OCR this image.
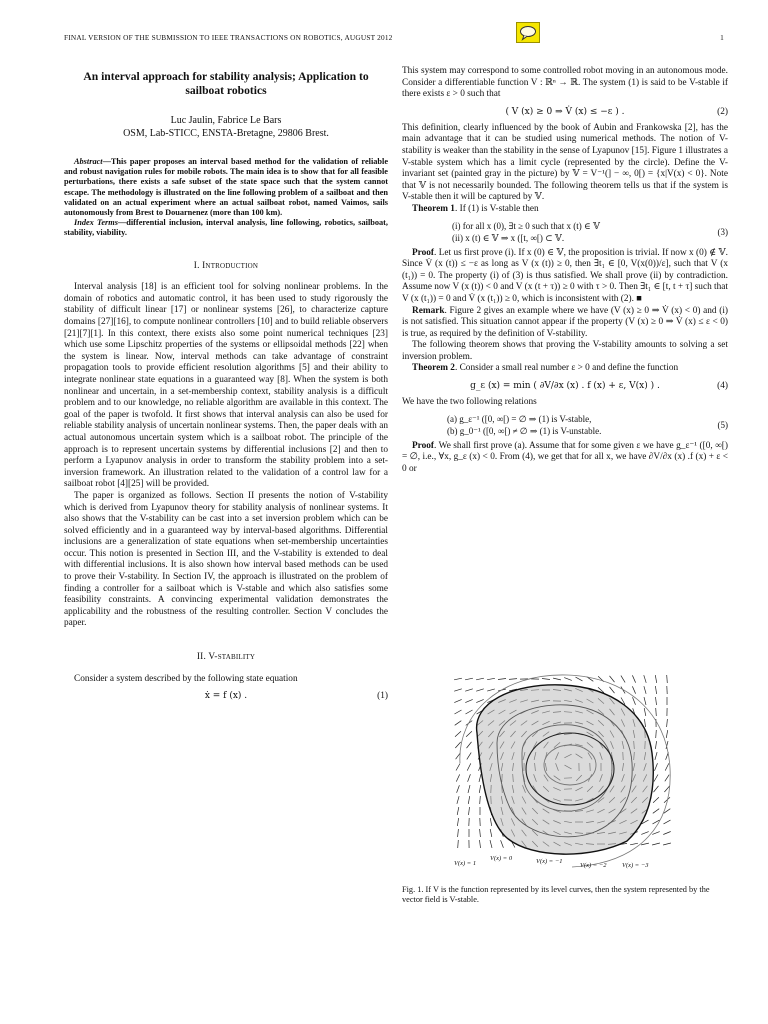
FINAL VERSION OF THE SUBMISSION TO IEEE TRANSACTIONS ON ROBOTICS, AUGUST 2012	1
An interval approach for stability analysis; Application to sailboat robotics
Luc Jaulin, Fabrice Le Bars
OSM, Lab-STICC, ENSTA-Bretagne, 29806 Brest.

Abstract—This paper proposes an interval based method for the validation of reliable and robust navigation rules for mobile robots. The main idea is to show that for all feasible perturbations, there exists a safe subset of the state space such that the system cannot escape. The methodology is illustrated on the line following problem of a sailboat and then validated on an actual experiment where an actual sailboat robot, named Vaimos, sails autonomously from Brest to Douarnenez (more than 100 km).

Index Terms—differential inclusion, interval analysis, line following, robotics, sailboat, stability, viability.

I. Introduction

Interval analysis [18] is an efficient tool for solving nonlinear problems. In the domain of robotics and automatic control, it has been used to study rigorously the stability of difficult linear [17] or nonlinear systems [26], to characterize capture domains [27][16], to compute nonlinear controllers [10] and to build reliable observers [21][7][1]. In this context, there exists also some point numerical techniques [23] which use some Lipschitz properties of the systems or ellipsoidal methods [22] when the system is linear. Now, interval methods can take advantage of constraint propagation tools to provide efficient resolution algorithms [5] and their ability to integrate nonlinear state equations in a guaranteed way [8]. When the system is both nonlinear and uncertain, in a set-membership context, stability analysis is a difficult problem and to our knowledge, no reliable algorithm are available in this context. The goal of the paper is twofold. It first shows that interval analysis can also be used for reliable stability analysis of uncertain nonlinear systems. Then, the paper deals with an actual autonomous uncertain system which is a sailboat robot. The principle of the approach is to represent uncertain systems by differential inclusions [2] and then to perform a Lyapunov analysis in order to transform the stability problem into a set-inversion framework. An illustration related to the validation of a control law for a sailboat robot [4][25] will be provided.

The paper is organized as follows. Section II presents the notion of V-stability which is derived from Lyapunov theory for stability analysis of nonlinear systems. It also shows that the V-stability can be cast into a set inversion problem which can be solved efficiently and in a guaranteed way by interval-based algorithms. Differential inclusions are a generalization of state equations when set-membership uncertainties occur. This notion is presented in Section III, and the V-stability is extended to deal with differential inclusions. It is also shown how interval based methods can be used to prove their V-stability. In Section IV, the approach is illustrated on the problem of finding a controller for a sailboat which is V-stable and which also satisfies some feasibility constraints. A convincing experimental validation demonstrates the applicability and the robustness of the resulting controller. Section V concludes the paper.

II. V-stability

Consider a system described by the following state equation

ẋ = f (x) .	(1)

This system may correspond to some controlled robot moving in an autonomous mode. Consider a differentiable function V : ℝⁿ → ℝ. The system (1) is said to be V-stable if there exists ε > 0 such that

( V (x) ≥ 0 ⇒ V̇ (x) ≤ −ε ) .	(2)

This definition, clearly influenced by the book of Aubin and Frankowska [2], has the main advantage that it can be studied using numerical methods. The notion of V-stability is weaker than the stability in the sense of Lyapunov [15]. Figure 1 illustrates a V-stable system which has a limit cycle (represented by the circle). Define the V-invariant set (painted gray in the picture) by 𝕍 = V⁻¹(] − ∞, 0[) = {x|V(x) < 0}. Note that 𝕍 is not necessarily bounded. The following theorem tells us that if the system is V-stable then it will be captured by 𝕍.

Theorem 1. If (1) is V-stable then

(i) for all x (0), ∃t ≥ 0 such that x (t) ∈ 𝕍
(ii) x (t) ∈ 𝕍 ⇒ x ([t, ∞[) ⊂ 𝕍.
(3)

Proof. Let us first prove (i). If x (0) ∈ 𝕍, the proposition is trivial. If now x (0) ∉ 𝕍. Since V̇ (x (t)) ≤ −ε as long as V (x (t)) ≥ 0, then ∃t₁ ∈ [0, V(x(0))/ε], such that V (x (t₁)) = 0. The property (i) of (3) is thus satisfied. We shall prove (ii) by contradiction. Assume now V (x (t)) < 0 and V (x (t + τ)) ≥ 0 with τ > 0. Then ∃t₁ ∈ [t, t + τ] such that V (x (t₁)) = 0 and V̇ (x (t₁)) ≥ 0, which is inconsistent with (2). ■

Remark. Figure 2 gives an example where we have (V (x) ≥ 0 ⇒ V̇ (x) < 0) and (i) is not satisfied. This situation cannot appear if the property (V (x) ≥ 0 ⇒ V̇ (x) ≤ ε < 0) is true, as required by the definition of V-stability.

The following theorem shows that proving the V-stability amounts to solving a set inversion problem.

Theorem 2. Consider a small real number ε > 0 and define the function

g_ε (x) = min ( ∂V/∂x (x) . f (x) + ε, V(x) ) .	(4)

We have the two following relations

(a) g_ε⁻¹ ([0, ∞[) = ∅ ⇒ (1) is V-stable,
(b) g_0⁻¹ ([0, ∞[) ≠ ∅ ⇒ (1) is V-unstable.
(5)

Proof. We shall first prove (a). Assume that for some given ε we have g_ε⁻¹ ([0, ∞[) = ∅, i.e., ∀x, g_ε (x) < 0. From (4), we get that for all x, we have ∂V/∂x (x) .f (x) + ε < 0 or

V(x) = 1
V(x) = 0	V(x) = −1
V(x) = −2 V(x) = −3
Fig. 1. If V is the function represented by its level curves, then the system represented by the vector field is V-stable.
